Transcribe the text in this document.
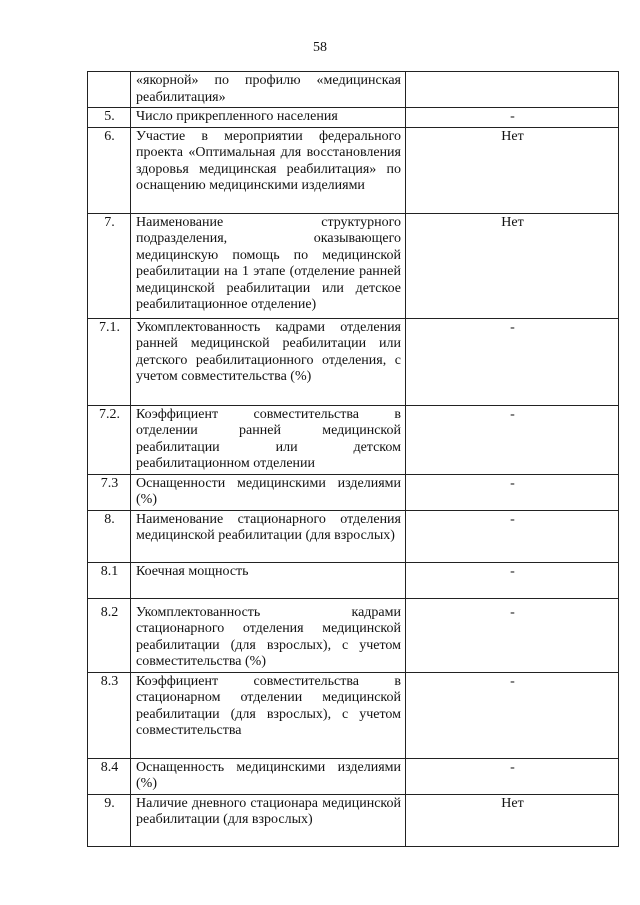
58
	«якорной» по профилю «медицинская реабилитация»	
5.	Число прикрепленного населения	-
6.	Участие в мероприятии федерального проекта «Оптимальная для восстановления здоровья медицинская реабилитация» по оснащению медицинскими изделиями	Нет
7.	Наименование структурного подразделения, оказывающего медицинскую помощь по медицинской реабилитации на 1 этапе (отделение ранней медицинской реабилитации или детское реабилитационное отделение)	Нет
7.1.	Укомплектованность кадрами отделения ранней медицинской реабилитации или детского реабилитационного отделения, с учетом совместительства (%)	-
7.2.	Коэффициент совместительства в отделении ранней медицинской реабилитации или детском реабилитационном отделении	-
7.3	Оснащенности медицинскими изделиями (%)	-
8.	Наименование стационарного отделения медицинской реабилитации (для взрослых)	-
8.1	Коечная мощность	-
8.2	Укомплектованность кадрами стационарного отделения медицинской реабилитации (для взрослых), с учетом совместительства (%)	-
8.3	Коэффициент совместительства в стационарном отделении медицинской реабилитации (для взрослых), с учетом совместительства	-
8.4	Оснащенность медицинскими изделиями (%)	-
9.	Наличие дневного стационара медицинской реабилитации (для взрослых)	Нет
